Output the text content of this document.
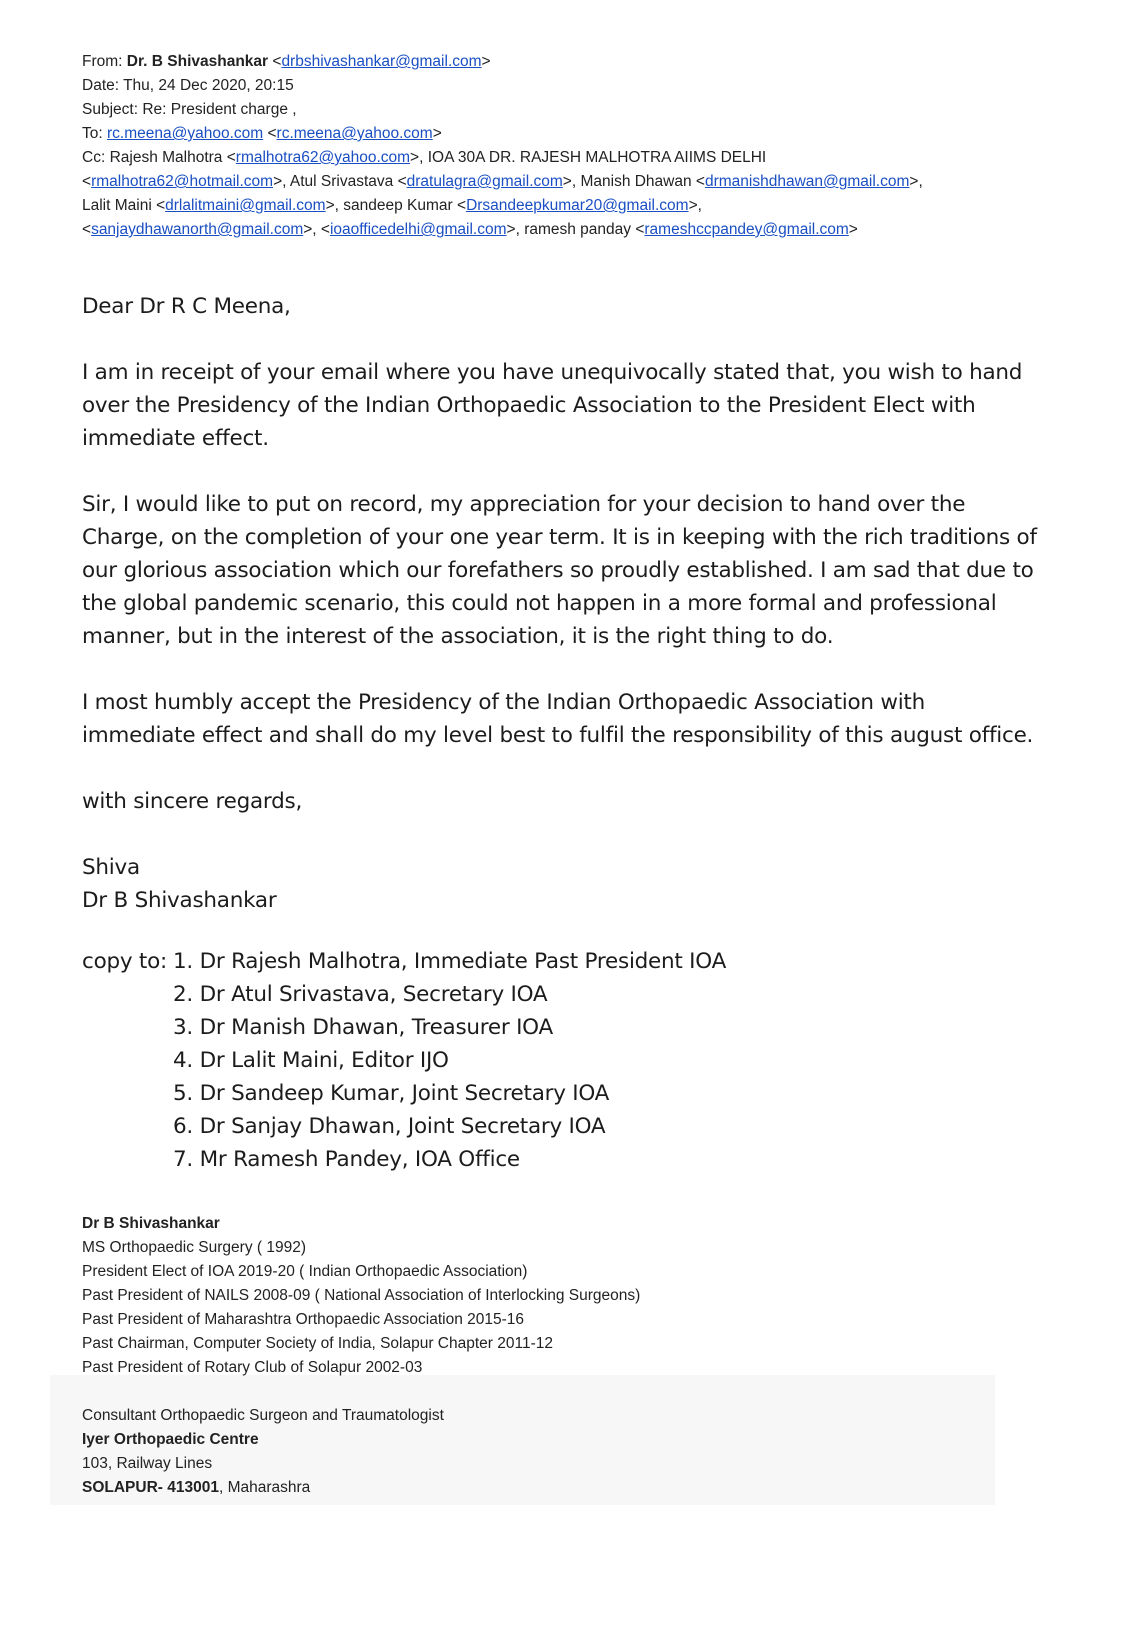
From: Dr. B Shivashankar <drbshivashankar@gmail.com>
Date: Thu, 24 Dec 2020, 20:15
Subject: Re: President charge ,
To: rc.meena@yahoo.com <rc.meena@yahoo.com>
Cc: Rajesh Malhotra <rmalhotra62@yahoo.com>, IOA 30A DR. RAJESH MALHOTRA AIIMS DELHI
<rmalhotra62@hotmail.com>, Atul Srivastava <dratulagra@gmail.com>, Manish Dhawan <drmanishdhawan@gmail.com>,
Lalit Maini <drlalitmaini@gmail.com>, sandeep Kumar <Drsandeepkumar20@gmail.com>,
<sanjaydhawanorth@gmail.com>, <ioaofficedelhi@gmail.com>, ramesh panday <rameshccpandey@gmail.com>

Dear Dr R C Meena,

I am in receipt of your email where you have unequivocally stated that, you wish to hand over the Presidency of the Indian Orthopaedic Association to the President Elect with immediate effect.

Sir, I would like to put on record, my appreciation for your decision to hand over the Charge, on the completion of your one year term. It is in keeping with the rich traditions of our glorious association which our forefathers so proudly established. I am sad that due to the global pandemic scenario, this could not happen in a more formal and professional manner, but in the interest of the association, it is the right thing to do.

I most humbly accept the Presidency of the Indian Orthopaedic Association with immediate effect and shall do my level best to fulfil the responsibility of this august office.

with sincere regards,

Shiva

Dr B Shivashankar

copy to: 1. Dr Rajesh Malhotra, Immediate Past President IOA
2. Dr Atul Srivastava, Secretary IOA
3. Dr Manish Dhawan, Treasurer IOA
4. Dr Lalit Maini, Editor IJO
5. Dr Sandeep Kumar, Joint Secretary IOA
6. Dr Sanjay Dhawan, Joint Secretary IOA
7. Mr Ramesh Pandey, IOA Office
Dr B Shivashankar
MS Orthopaedic Surgery ( 1992)
President Elect of IOA 2019-20 ( Indian Orthopaedic Association)
Past President of NAILS 2008-09 ( National Association of Interlocking Surgeons)
Past President of Maharashtra Orthopaedic Association 2015-16
Past Chairman, Computer Society of India, Solapur Chapter 2011-12
Past President of Rotary Club of Solapur 2002-03
Consultant Orthopaedic Surgeon and Traumatologist
Iyer Orthopaedic Centre
103, Railway Lines
SOLAPUR- 413001, Maharashra
